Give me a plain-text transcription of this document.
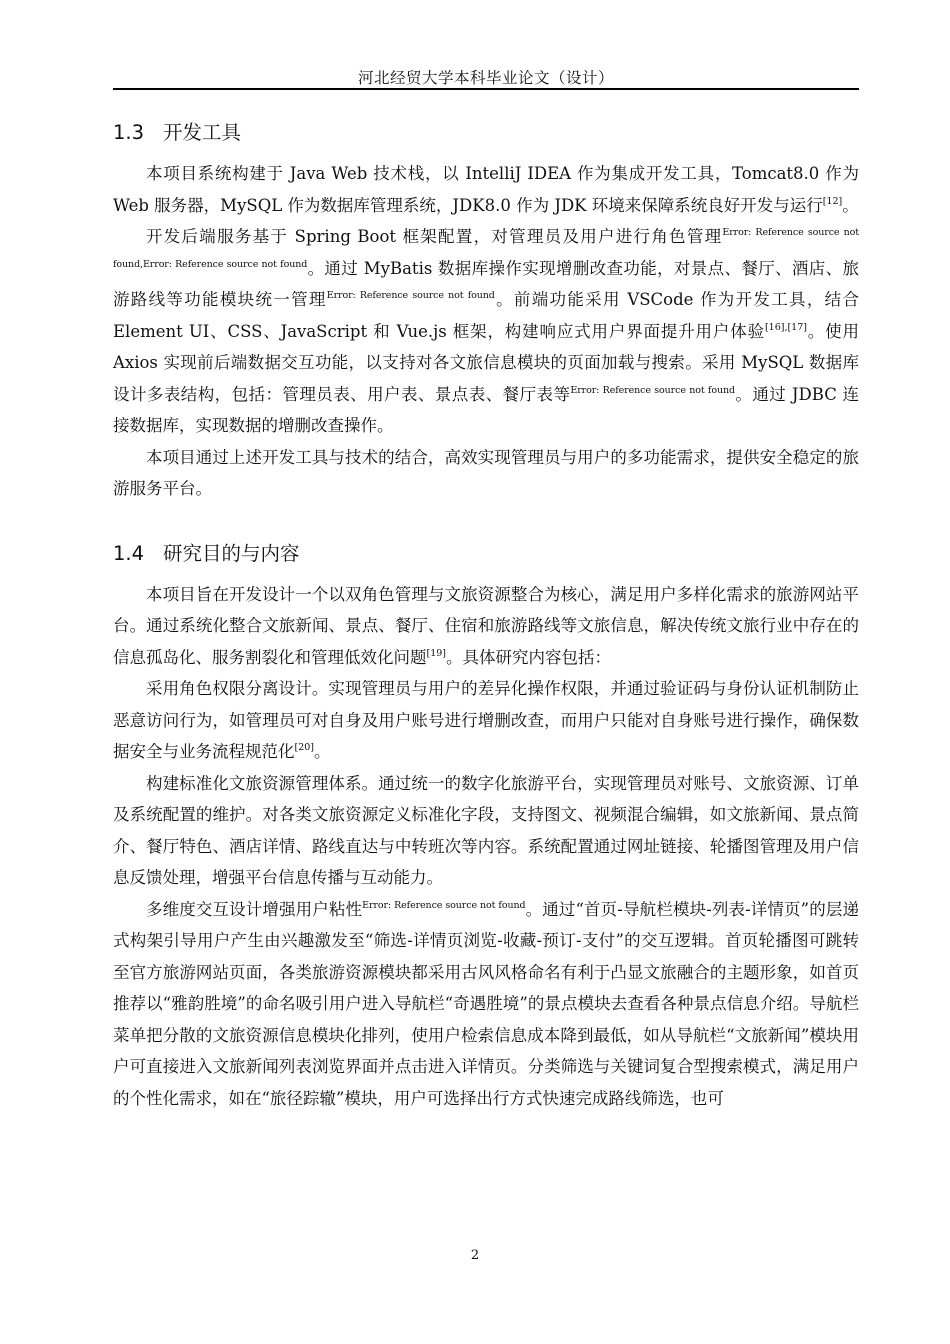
河北经贸大学本科毕业论文（设计）
1.3 开发工具

本项目系统构建于 Java Web 技术栈，以 IntelliJ IDEA 作为集成开发工具，Tomcat8.0 作为 Web 服务器，MySQL 作为数据库管理系统，JDK8.0 作为 JDK 环境来保障系统良好开发与运行[12]。

开发后端服务基于 Spring Boot 框架配置，对管理员及用户进行角色管理$^{Error: Reference source not found,Error: Reference source not found}$。通过 MyBatis 数据库操作实现增删改查功能，对景点、餐厅、酒店、旅游路线等功能模块统一管理$^{Error: Reference source not found}$。前端功能采用 VSCode 作为开发工具，结合 Element UI、CSS、JavaScript 和 Vue.js 框架，构建响应式用户界面提升用户体验[16],[17]。使用 Axios 实现前后端数据交互功能，以支持对各文旅信息模块的页面加载与搜索。采用 MySQL 数据库设计多表结构，包括：管理员表、用户表、景点表、餐厅表等$^{Error: Reference source not found}$。通过 JDBC 连接数据库，实现数据的增删改查操作。

本项目通过上述开发工具与技术的结合，高效实现管理员与用户的多功能需求，提供安全稳定的旅游服务平台。

1.4 研究目的与内容

本项目旨在开发设计一个以双角色管理与文旅资源整合为核心，满足用户多样化需求的旅游网站平台。通过系统化整合文旅新闻、景点、餐厅、住宿和旅游路线等文旅信息，解决传统文旅行业中存在的信息孤岛化、服务割裂化和管理低效化问题[19]。具体研究内容包括：

采用角色权限分离设计。实现管理员与用户的差异化操作权限，并通过验证码与身份认证机制防止恶意访问行为，如管理员可对自身及用户账号进行增删改查，而用户只能对自身账号进行操作，确保数据安全与业务流程规范化[20]。

构建标准化文旅资源管理体系。通过统一的数字化旅游平台，实现管理员对账号、文旅资源、订单及系统配置的维护。对各类文旅资源定义标准化字段，支持图文、视频混合编辑，如文旅新闻、景点简介、餐厅特色、酒店详情、路线直达与中转班次等内容。系统配置通过网址链接、轮播图管理及用户信息反馈处理，增强平台信息传播与互动能力。

多维度交互设计增强用户粘性$^{Error: Reference source not found}$。通过“首页-导航栏模块-列表-详情页”的层递式构架引导用户产生由兴趣激发至“筛选-详情页浏览-收藏-预订-支付”的交互逻辑。首页轮播图可跳转至官方旅游网站页面，各类旅游资源模块都采用古风风格命名有利于凸显文旅融合的主题形象，如首页推荐以“雅韵胜境”的命名吸引用户进入导航栏“奇遇胜境”的景点模块去查看各种景点信息介绍。导航栏菜单把分散的文旅资源信息模块化排列，使用户检索信息成本降到最低，如从导航栏“文旅新闻”模块用户可直接进入文旅新闻列表浏览界面并点击进入详情页。分类筛选与关键词复合型搜索模式，满足用户的个性化需求，如在“旅径踪辙”模块，用户可选择出行方式快速完成路线筛选，也可

2
